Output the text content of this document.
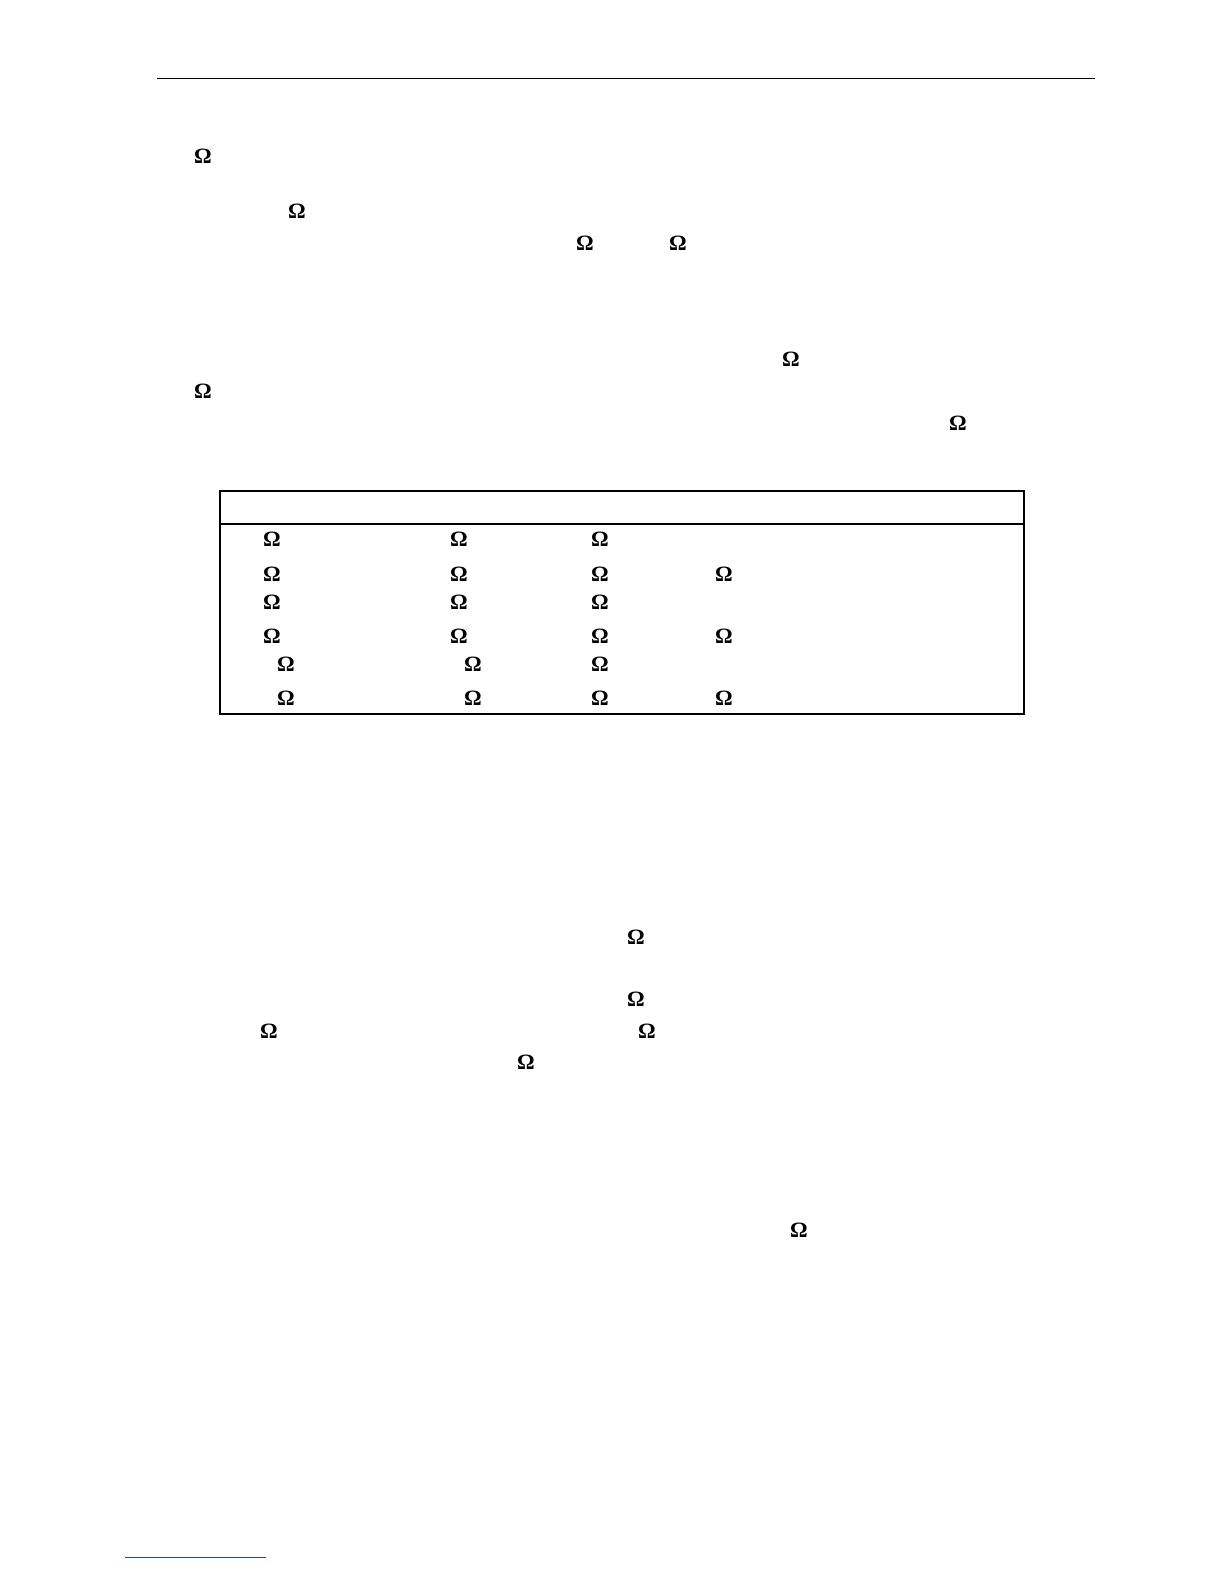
Ω
Ω
Ω	Ω
Ω
Ω
Ω
Ω	Ω	Ω
Ω	Ω	Ω	Ω
Ω	Ω	Ω
Ω	Ω	Ω	Ω
Ω	Ω	Ω
Ω	Ω	Ω	Ω
Ω
Ω
Ω	Ω
Ω
Ω
